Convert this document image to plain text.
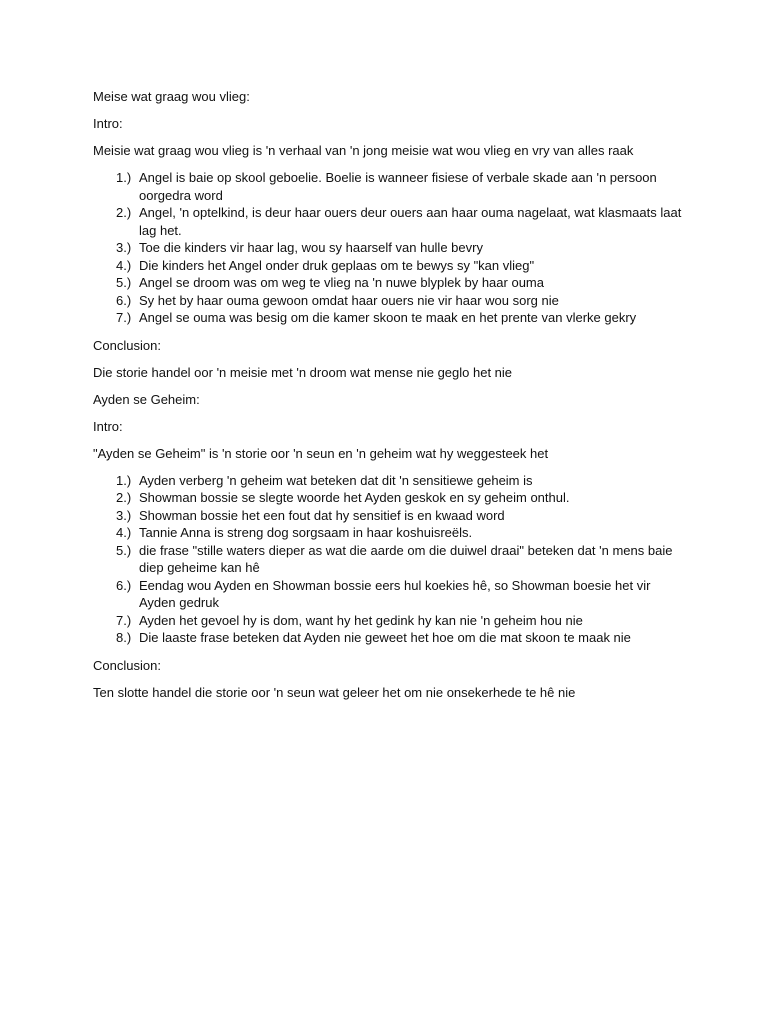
Meise wat graag wou vlieg:

Intro:

Meisie wat graag wou vlieg is 'n verhaal van 'n jong meisie wat wou vlieg en vry van alles raak

1.) Angel is baie op skool geboelie. Boelie is wanneer fisiese of verbale skade aan 'n persoon oorgedra word
2.) Angel, 'n optelkind, is deur haar ouers deur ouers aan haar ouma nagelaat, wat klasmaats laat lag het.
3.) Toe die kinders vir haar lag, wou sy haarself van hulle bevry
4.) Die kinders het Angel onder druk geplaas om te bewys sy "kan vlieg"
5.) Angel se droom was om weg te vlieg na 'n nuwe blyplek by haar ouma
6.) Sy het by haar ouma gewoon omdat haar ouers nie vir haar wou sorg nie
7.) Angel se ouma was besig om die kamer skoon te maak en het prente van vlerke gekry

Conclusion:

Die storie handel oor 'n meisie met 'n droom wat mense nie geglo het nie

Ayden se Geheim:

Intro:

"Ayden se Geheim" is 'n storie oor 'n seun en 'n geheim wat hy weggesteek het

1.) Ayden verberg 'n geheim wat beteken dat dit 'n sensitiewe geheim is
2.) Showman bossie se slegte woorde het Ayden geskok en sy geheim onthul.
3.) Showman bossie het een fout dat hy sensitief is en kwaad word
4.) Tannie Anna is streng dog sorgsaam in haar koshuisreëls.
5.) die frase "stille waters dieper as wat die aarde om die duiwel draai" beteken dat 'n mens baie diep geheime kan hê
6.) Eendag wou Ayden en Showman bossie eers hul koekies hê, so Showman boesie het vir Ayden gedruk
7.) Ayden het gevoel hy is dom, want hy het gedink hy kan nie 'n geheim hou nie
8.) Die laaste frase beteken dat Ayden nie geweet het hoe om die mat skoon te maak nie

Conclusion:

Ten slotte handel die storie oor 'n seun wat geleer het om nie onsekerhede te hê nie
